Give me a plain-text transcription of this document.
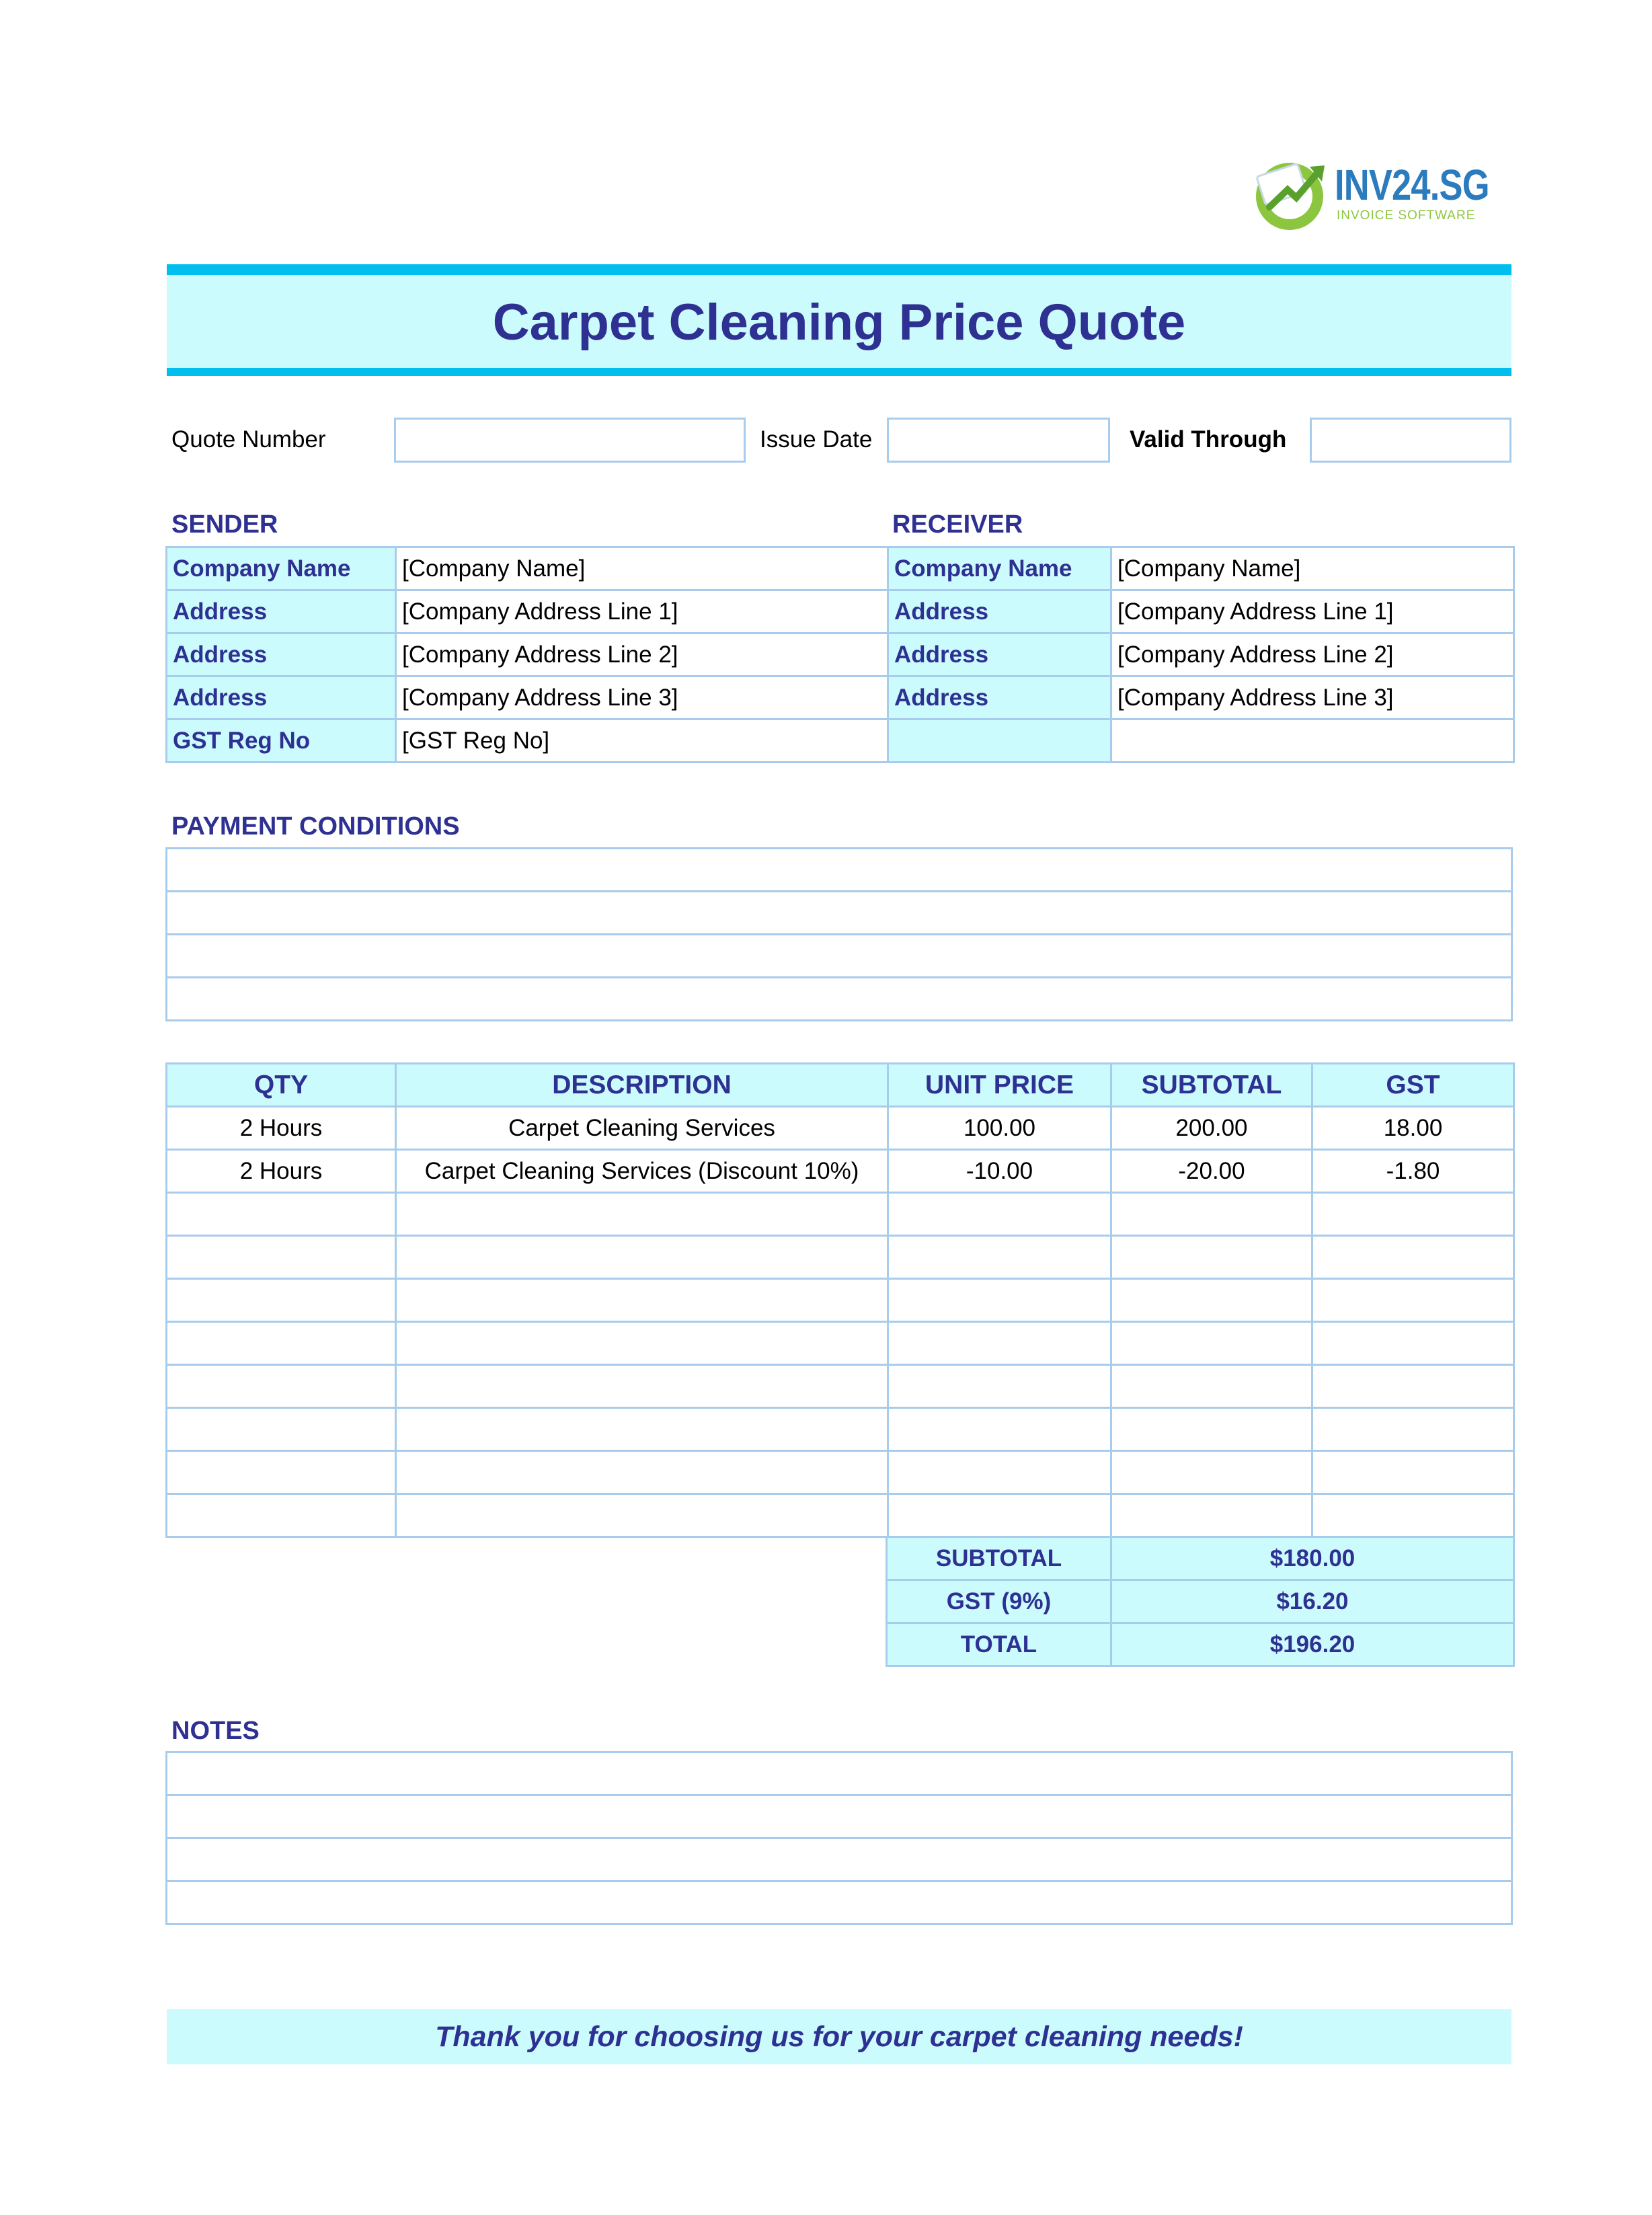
INV24.SG
INVOICE SOFTWARE
Carpet Cleaning Price Quote
Quote Number	Issue Date	Valid Through
SENDER	RECEIVER
Company Name	[Company Name]	Company Name	[Company Name]
Address	[Company Address Line 1]	Address	[Company Address Line 1]
Address	[Company Address Line 2]	Address	[Company Address Line 2]
Address	[Company Address Line 3]	Address	[Company Address Line 3]
GST Reg No	[GST Reg No]		
PAYMENT CONDITIONS

QTY	DESCRIPTION	UNIT PRICE	SUBTOTAL	GST
2 Hours	Carpet Cleaning Services	100.00	200.00	18.00
2 Hours	Carpet Cleaning Services (Discount 10%)	-10.00	-20.00	-1.80

SUBTOTAL	$180.00
GST (9%)	$16.20
TOTAL	$196.20
NOTES

Thank you for choosing us for your carpet cleaning needs!
